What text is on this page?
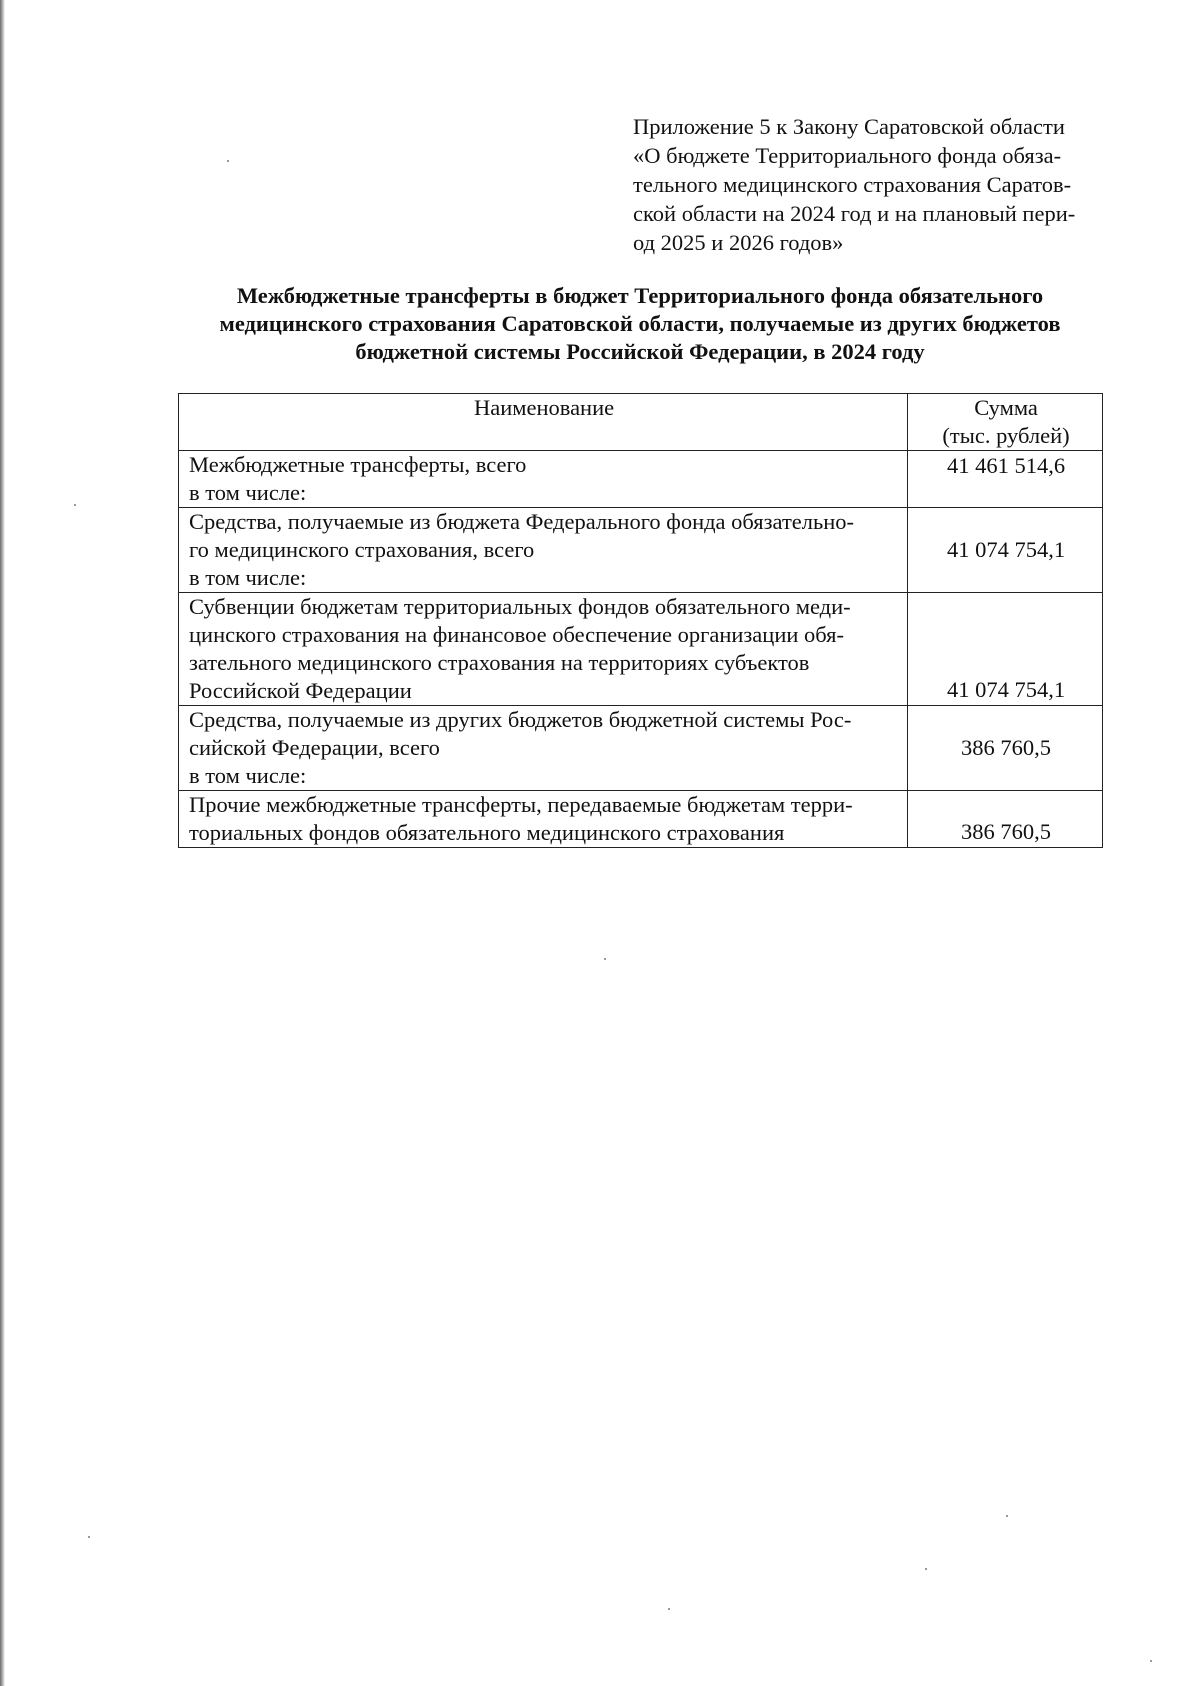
Приложение 5 к Закону Саратовской области
«О бюджете Территориального фонда обяза-
тельного медицинского страхования Саратов-
ской области на 2024 год и на плановый пери-
од 2025 и 2026 годов»
Межбюджетные трансферты в бюджет Территориального фонда обязательного
медицинского страхования Саратовской области, получаемые из других бюджетов
бюджетной системы Российской Федерации, в 2024 году
Наименование	Сумма
(тыс. рублей)

Межбюджетные трансферты, всего
в том числе:	41 461 514,6

Средства, получаемые из бюджета Федерального фонда обязательно-
го медицинского страхования, всего
в том числе:	41 074 754,1

Субвенции бюджетам территориальных фондов обязательного меди-
цинского страхования на финансовое обеспечение организации обя-
зательного медицинского страхования на территориях субъектов
Российской Федерации	41 074 754,1

Средства, получаемые из других бюджетов бюджетной системы Рос-
сийской Федерации, всего
в том числе:	386 760,5

Прочие межбюджетные трансферты, передаваемые бюджетам терри-
ториальных фондов обязательного медицинского страхования	386 760,5
